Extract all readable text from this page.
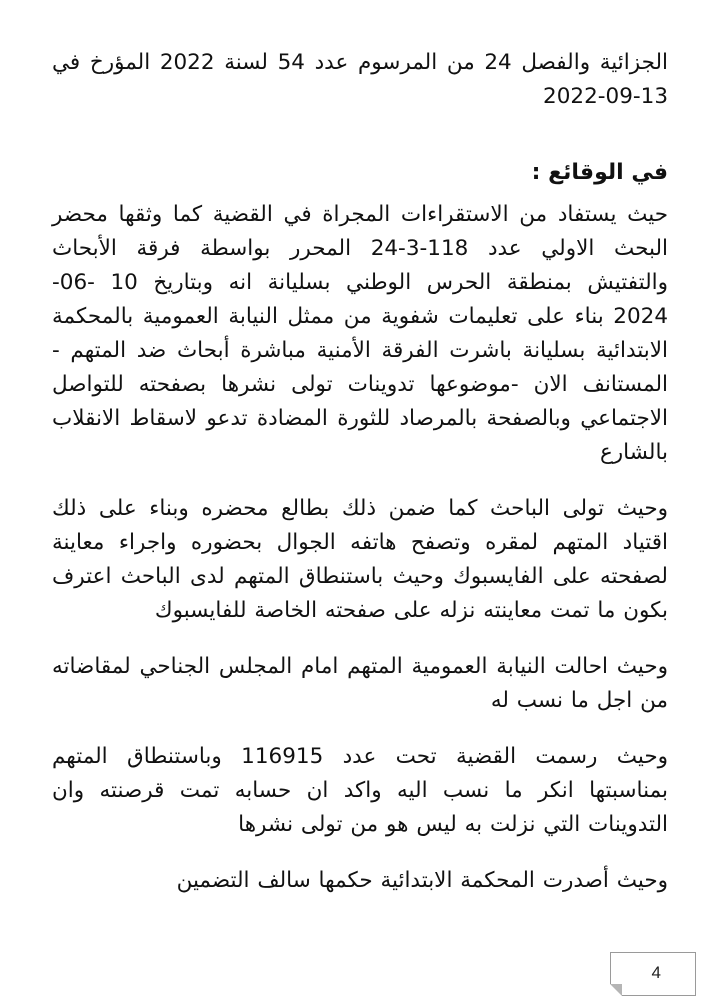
الجزائية والفصل 24 من المرسوم عدد 54 لسنة 2022 المؤرخ في 13-09-2022

في الوقائع :

حيث يستفاد من الاستقراءات المجراة في القضية كما وثقها محضر البحث الاولي عدد 118-3-24 المحرر بواسطة فرقة الأبحاث والتفتيش بمنطقة الحرس الوطني بسليانة انه وبتاريخ 10 -06- 2024 بناء على تعليمات شفوية من ممثل النيابة العمومية بالمحكمة الابتدائية بسليانة باشرت الفرقة الأمنية مباشرة أبحاث ضد المتهم - المستانف الان -موضوعها تدوينات تولى نشرها بصفحته للتواصل الاجتماعي وبالصفحة بالمرصاد للثورة المضادة تدعو لاسقاط الانقلاب بالشارع

وحيث تولى الباحث كما ضمن ذلك بطالع محضره وبناء على ذلك اقتياد المتهم لمقره وتصفح هاتفه الجوال بحضوره واجراء معاينة لصفحته على الفايسبوك وحيث باستنطاق المتهم لدى الباحث اعترف بكون ما تمت معاينته نزله على صفحته الخاصة للفايسبوك

وحيث احالت النيابة العمومية المتهم امام المجلس الجناحي لمقاضاته من اجل ما نسب له

وحيث رسمت القضية تحت عدد 116915 وباستنطاق المتهم بمناسبتها انكر ما نسب اليه واكد ان حسابه تمت قرصنته وان التدوينات التي نزلت به ليس هو من تولى نشرها

وحيث أصدرت المحكمة الابتدائية حكمها سالف التضمين

4
